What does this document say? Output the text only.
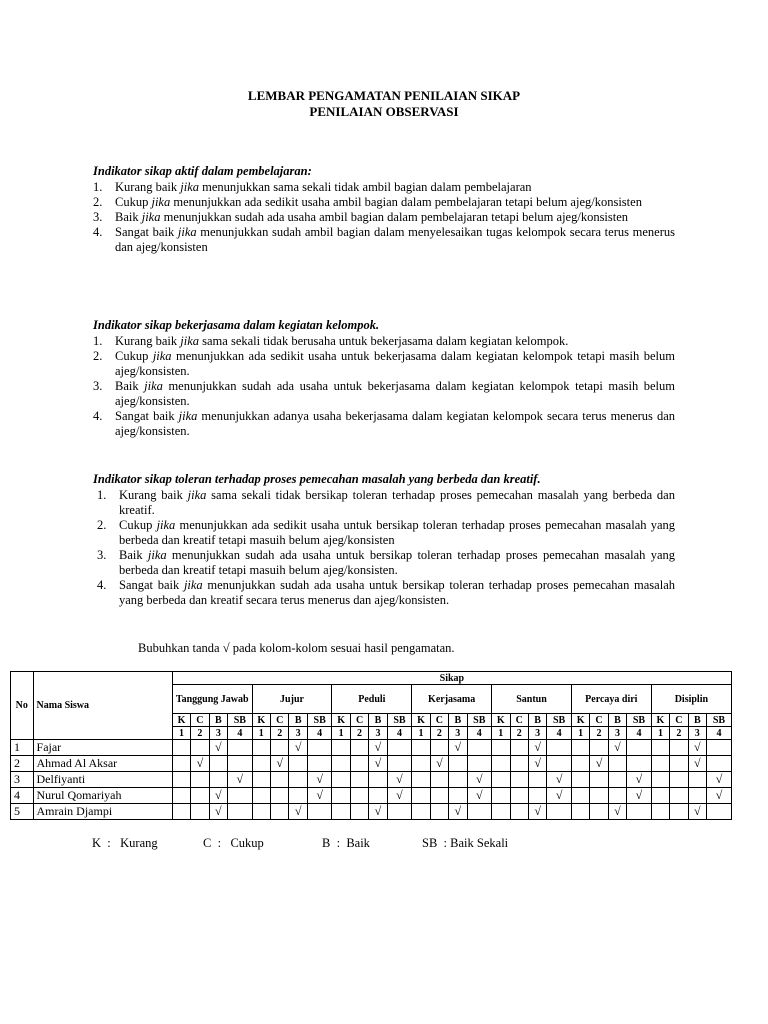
LEMBAR PENGAMATAN PENILAIAN SIKAP
PENILAIAN OBSERVASI
Indikator sikap aktif dalam pembelajaran:
1. Kurang baik jika menunjukkan sama sekali tidak ambil bagian dalam pembelajaran
2. Cukup jika menunjukkan ada sedikit usaha ambil bagian dalam pembelajaran tetapi belum ajeg/konsisten
3. Baik jika menunjukkan sudah ada usaha ambil bagian dalam pembelajaran tetapi belum ajeg/konsisten
4. Sangat baik jika menunjukkan sudah ambil bagian dalam menyelesaikan tugas kelompok secara terus menerus dan ajeg/konsisten
Indikator sikap bekerjasama dalam kegiatan kelompok.
1. Kurang baik jika sama sekali tidak berusaha untuk bekerjasama dalam kegiatan kelompok.
2. Cukup jika menunjukkan ada sedikit usaha untuk bekerjasama dalam kegiatan kelompok tetapi masih belum ajeg/konsisten.
3. Baik jika menunjukkan sudah ada usaha untuk bekerjasama dalam kegiatan kelompok tetapi masih belum ajeg/konsisten.
4. Sangat baik jika menunjukkan adanya usaha bekerjasama dalam kegiatan kelompok secara terus menerus dan ajeg/konsisten.
Indikator sikap toleran terhadap proses pemecahan masalah yang berbeda dan kreatif.
1. Kurang baik jika sama sekali tidak bersikap toleran terhadap proses pemecahan masalah yang berbeda dan kreatif.
2. Cukup jika menunjukkan ada sedikit usaha untuk bersikap toleran terhadap proses pemecahan masalah yang berbeda dan kreatif tetapi masuih belum ajeg/konsisten
3. Baik jika menunjukkan sudah ada usaha untuk bersikap toleran terhadap proses pemecahan masalah yang berbeda dan kreatif tetapi masuih belum ajeg/konsisten.
4. Sangat baik jika menunjukkan sudah ada usaha untuk bersikap toleran terhadap proses pemecahan masalah yang berbeda dan kreatif secara terus menerus dan ajeg/konsisten.
Bubuhkan tanda √ pada kolom-kolom sesuai hasil pengamatan.
No	Nama Siswa	Sikap																											
		Tanggung Jawab				Jujur				Peduli				Kerjasama				Santun				Percaya diri				Disiplin			
		K	C	B	SB	K	C	B	SB	K	C	B	SB	K	C	B	SB	K	C	B	SB	K	C	B	SB	K	C	B	SB
		1	2	3	4	1	2	3	4	1	2	3	4	1	2	3	4	1	2	3	4	1	2	3	4	1	2	3	4
1	Fajar			√				√				√				√				√				√				√	
2	Ahmad Al Aksar		√				√					√			√					√			√					√	
3	Delfiyanti				√				√				√				√				√				√				√
4	Nurul Qomariyah			√					√				√				√				√				√				√
5	Amrain Djampi			√				√				√				√				√				√				√	
K : Kurang	C : Cukup	B : Baik	SB : Baik Sekali
